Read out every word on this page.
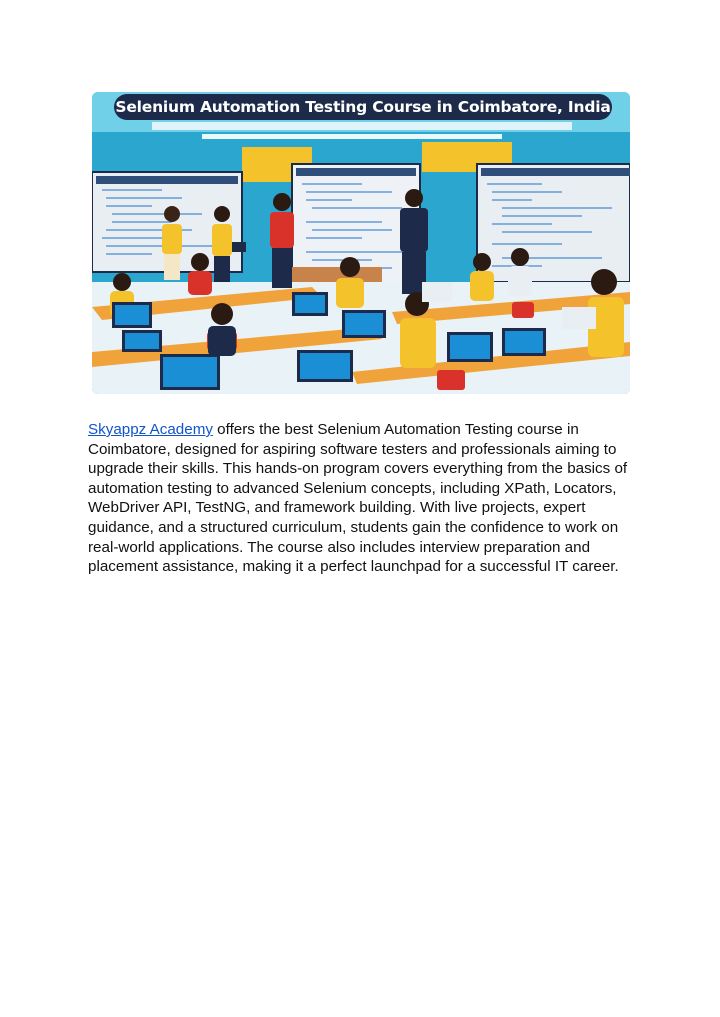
Selenium Automation Testing Course in Coimbatore, India

Skyappz Academy offers the best Selenium Automation Testing course in Coimbatore, designed for aspiring software testers and professionals aiming to upgrade their skills. This hands-on program covers everything from the basics of automation testing to advanced Selenium concepts, including XPath, Locators, WebDriver API, TestNG, and framework building. With live projects, expert guidance, and a structured curriculum, students gain the confidence to work on real-world applications. The course also includes interview preparation and placement assistance, making it a perfect launchpad for a successful IT career.
